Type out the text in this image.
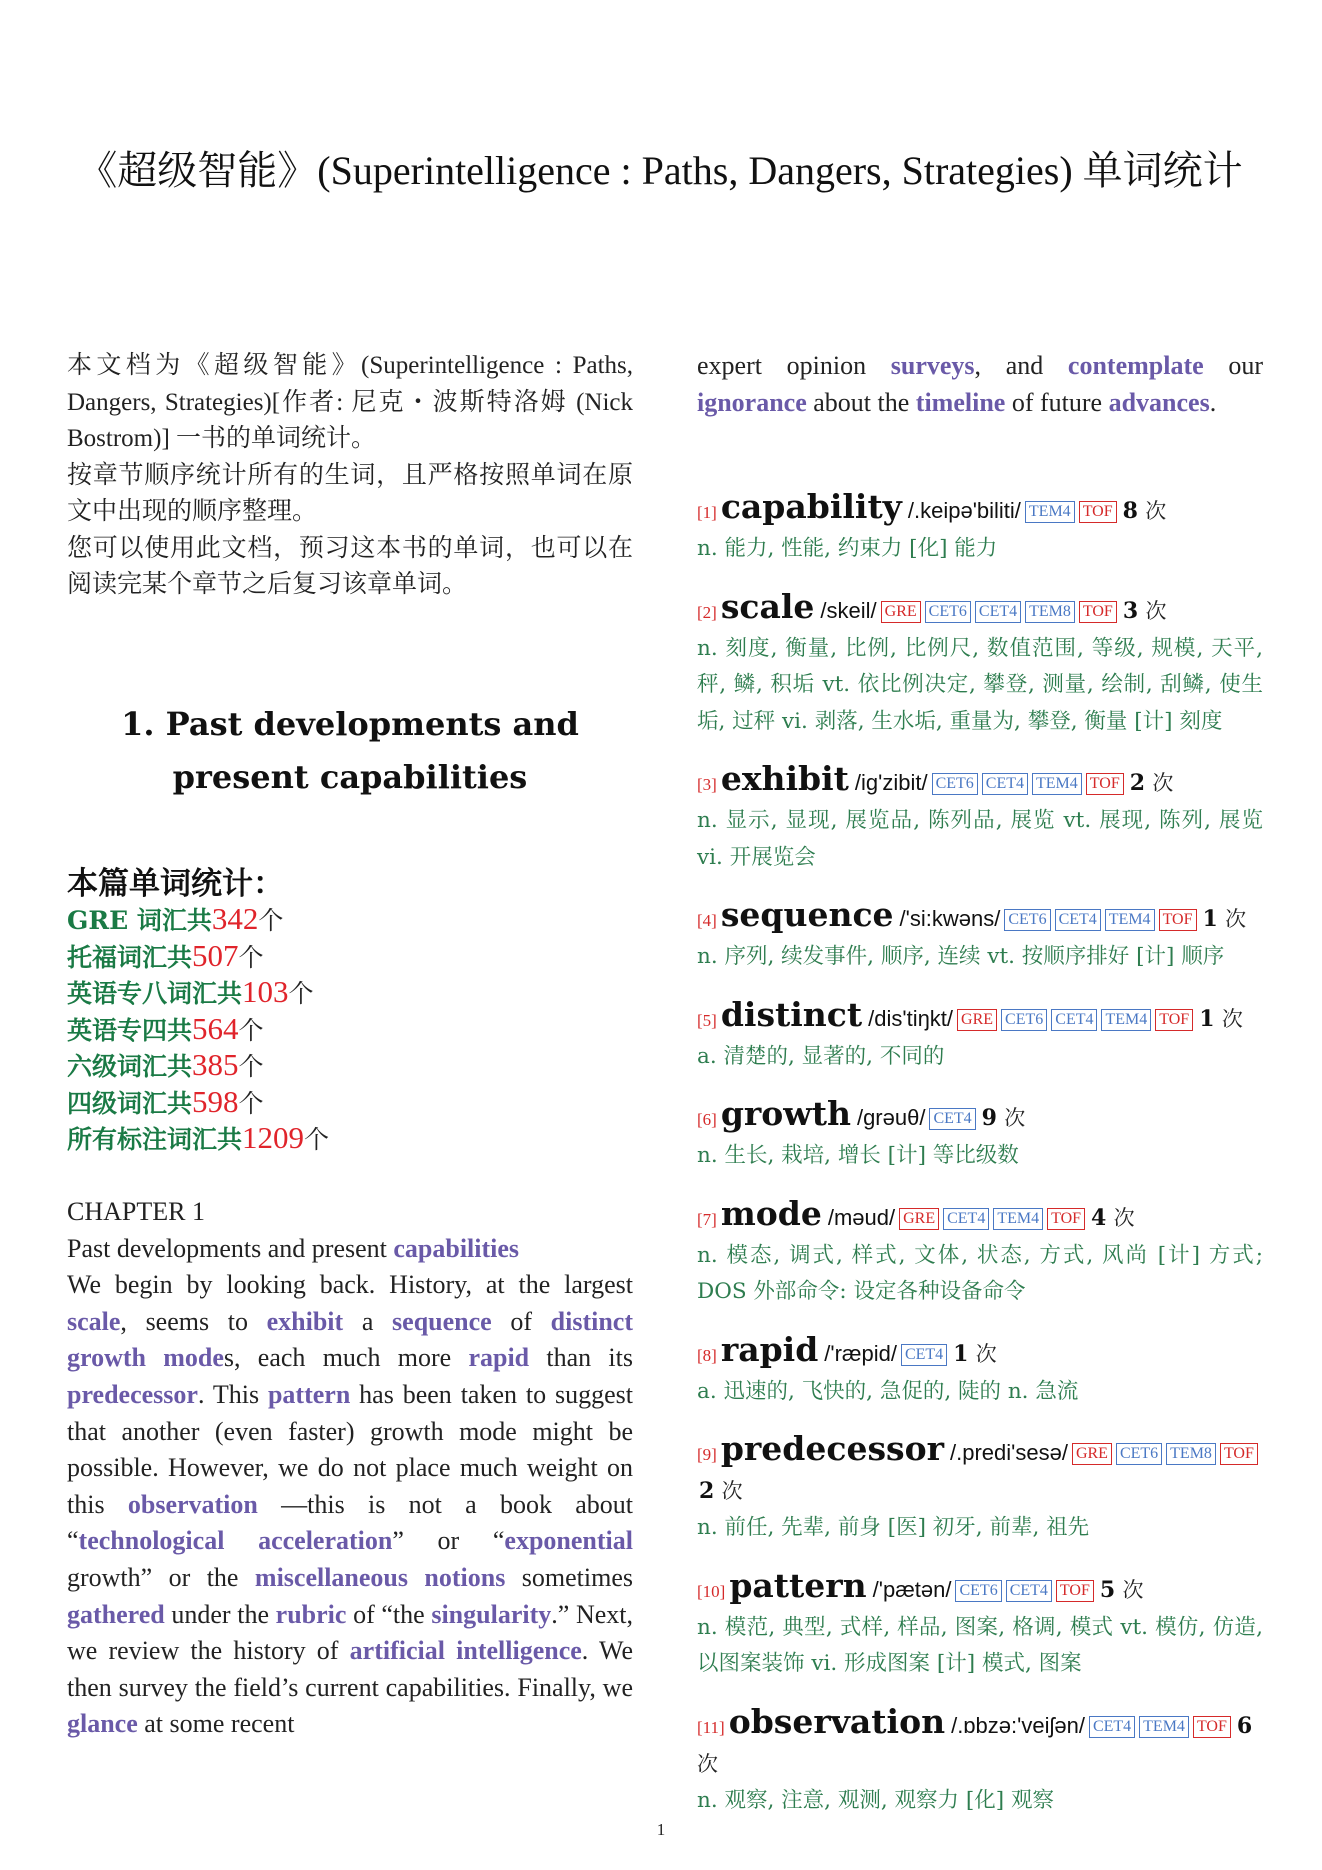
《超级智能》(Superintelligence : Paths, Dangers, Strategies) 单词统计

本文档为《超级智能》(Superintelligence : Paths, Dangers, Strategies)[作者: 尼克・波斯特洛姆 (Nick Bostrom)] 一书的单词统计。

按章节顺序统计所有的生词，且严格按照单词在原文中出现的顺序整理。

您可以使用此文档，预习这本书的单词，也可以在阅读完某个章节之后复习该章单词。

1. Past developments and present capabilities
本篇单词统计：
GRE 词汇共342个
托福词汇共507个
英语专八词汇共103个
英语专四共564个
六级词汇共385个
四级词汇共598个
所有标注词汇共1209个

CHAPTER 1

Past developments and present capabilities

We begin by looking back. History, at the largest scale, seems to exhibit a sequence of distinct growth modes, each much more rapid than its predecessor. This pattern has been taken to suggest that another (even faster) growth mode might be possible. However, we do not place much weight on this observation —this is not a book about “technological acceleration” or “exponential growth” or the miscellaneous notions sometimes gathered under the rubric of “the singularity.” Next, we review the history of artificial intelligence. We then survey the field’s current capabilities. Finally, we glance at some recent

expert opinion surveys, and contemplate our ignorance about the timeline of future advances.

[1] capability /.keipə'biliti/ TEM4 TOF 8 次

n. 能力, 性能, 约束力 [化] 能力

[2] scale /skeil/ GRE CET6 CET4 TEM8 TOF 3 次

n. 刻度, 衡量, 比例, 比例尺, 数值范围, 等级, 规模, 天平, 秤, 鳞, 积垢 vt. 依比例决定, 攀登, 测量, 绘制, 刮鳞, 使生垢, 过秤 vi. 剥落, 生水垢, 重量为, 攀登, 衡量 [计] 刻度

[3] exhibit /ig'zibit/ CET6 CET4 TEM4 TOF 2 次

n. 显示, 显现, 展览品, 陈列品, 展览 vt. 展现, 陈列, 展览 vi. 开展览会

[4] sequence /'si:kwəns/ CET6 CET4 TEM4 TOF 1 次

n. 序列, 续发事件, 顺序, 连续 vt. 按顺序排好 [计] 顺序

[5] distinct /dis'tiŋkt/ GRE CET6 CET4 TEM4 TOF 1 次

a. 清楚的, 显著的, 不同的

[6] growth /grəuθ/ CET4 9 次

n. 生长, 栽培, 增长 [计] 等比级数

[7] mode /məud/ GRE CET4 TEM4 TOF 4 次

n. 模态, 调式, 样式, 文体, 状态, 方式, 风尚 [计] 方式; DOS 外部命令: 设定各种设备命令

[8] rapid /'ræpid/ CET4 1 次

a. 迅速的, 飞快的, 急促的, 陡的 n. 急流

[9] predecessor /.predi'sesə/ GRE CET6 TEM8 TOF2 次

n. 前任, 先辈, 前身 [医] 初牙, 前辈, 祖先

[10] pattern /'pætən/ CET6 CET4 TOF 5 次

n. 模范, 典型, 式样, 样品, 图案, 格调, 模式 vt. 模仿, 仿造, 以图案装饰 vi. 形成图案 [计] 模式, 图案

[11] observation /.ɒbzə:'veiʃən/ CET4 TEM4 TOF 6 次

n. 观察, 注意, 观测, 观察力 [化] 观察

1
